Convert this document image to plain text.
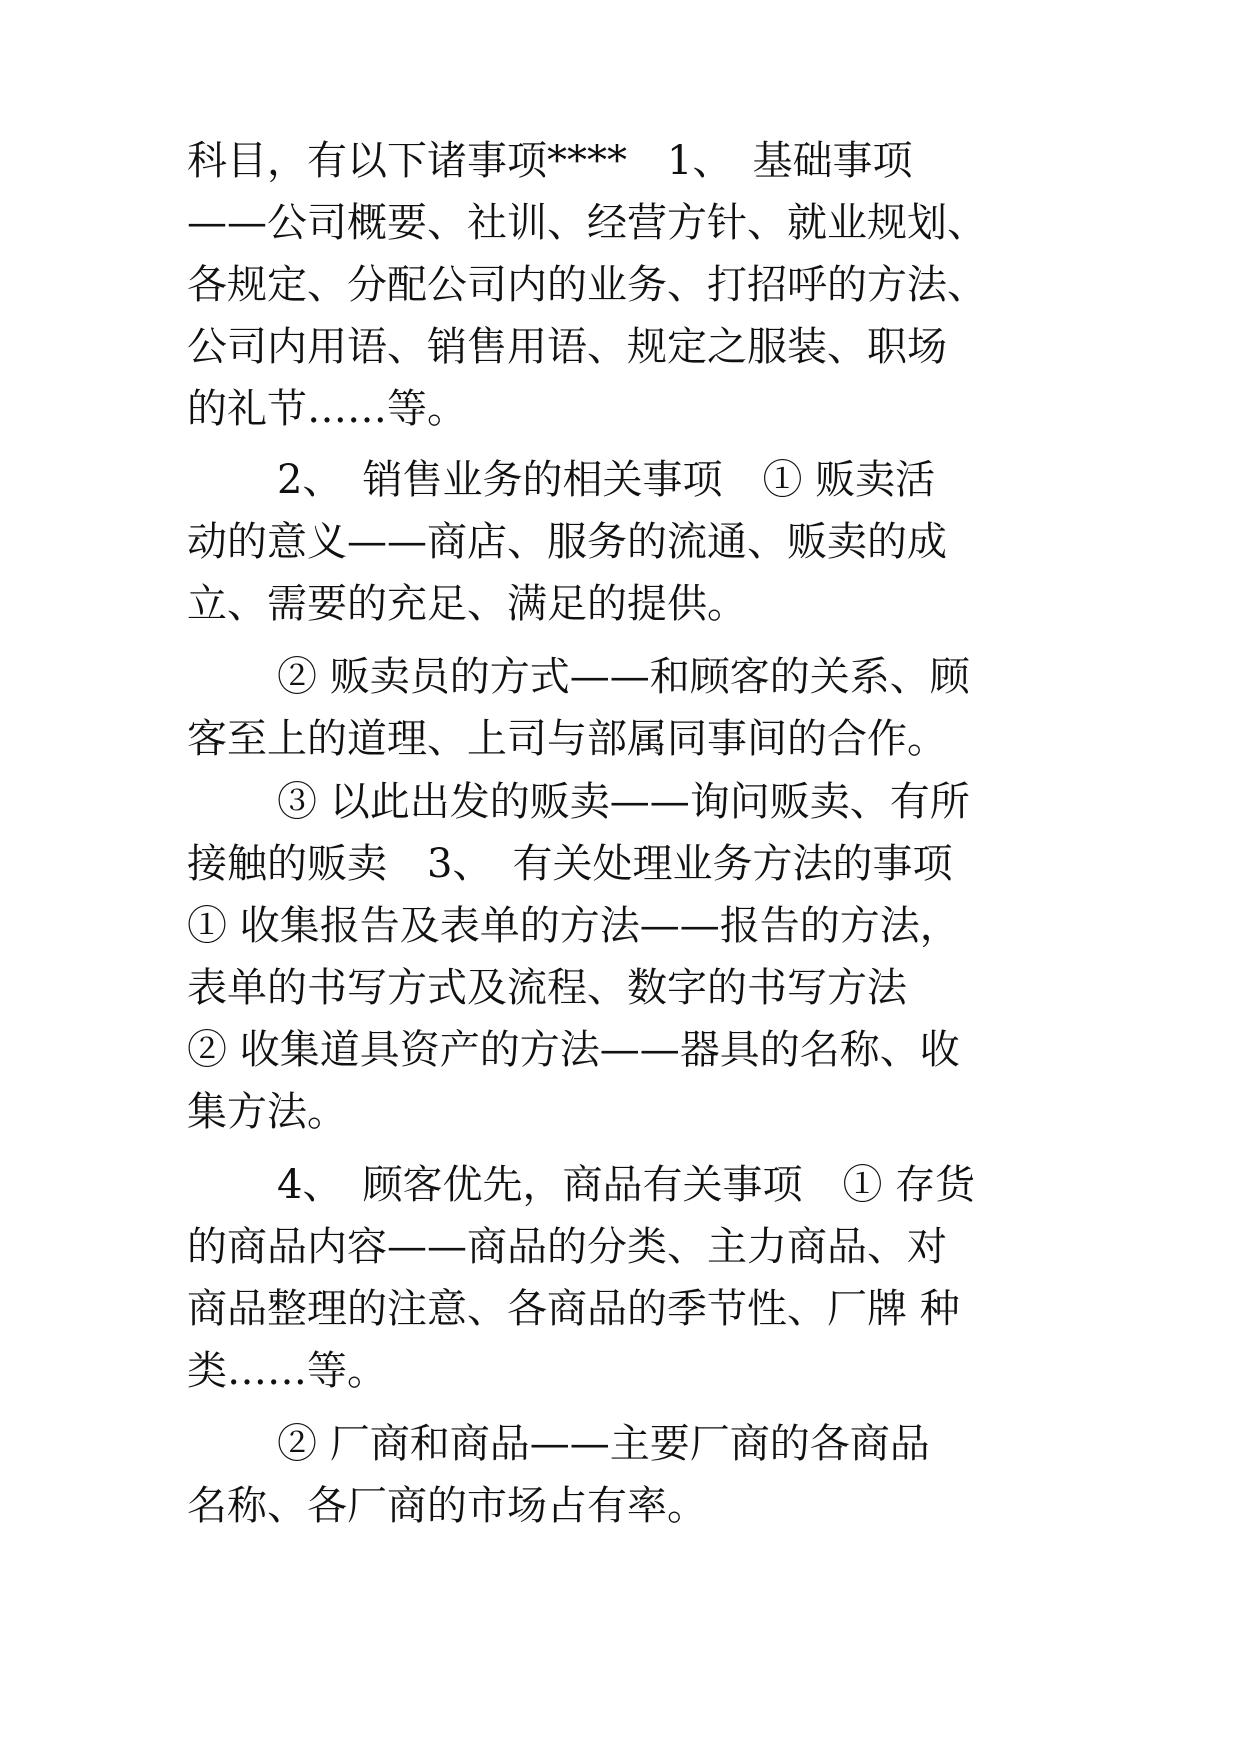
科目，有以下诸事项****　1、　基础事项
——公司概要、社训、经营方针、就业规划、
各规定、分配公司内的业务、打招呼的方法、
公司内用语、销售用语、规定之服装、职场
的礼节……等。
2、　销售业务的相关事项　① 贩卖活
动的意义——商店、服务的流通、贩卖的成
立、需要的充足、满足的提供。
② 贩卖员的方式——和顾客的关系、顾
客至上的道理、上司与部属同事间的合作。
③ 以此出发的贩卖——询问贩卖、有所
接触的贩卖　3、　有关处理业务方法的事项
① 收集报告及表单的方法——报告的方法，
表单的书写方式及流程、数字的书写方法
② 收集道具资产的方法——器具的名称、收
集方法。
4、　顾客优先，商品有关事项　① 存货
的商品内容——商品的分类、主力商品、对
商品整理的注意、各商品的季节性、厂牌 种
类……等。
② 厂商和商品——主要厂商的各商品
名称、各厂商的市场占有率。
